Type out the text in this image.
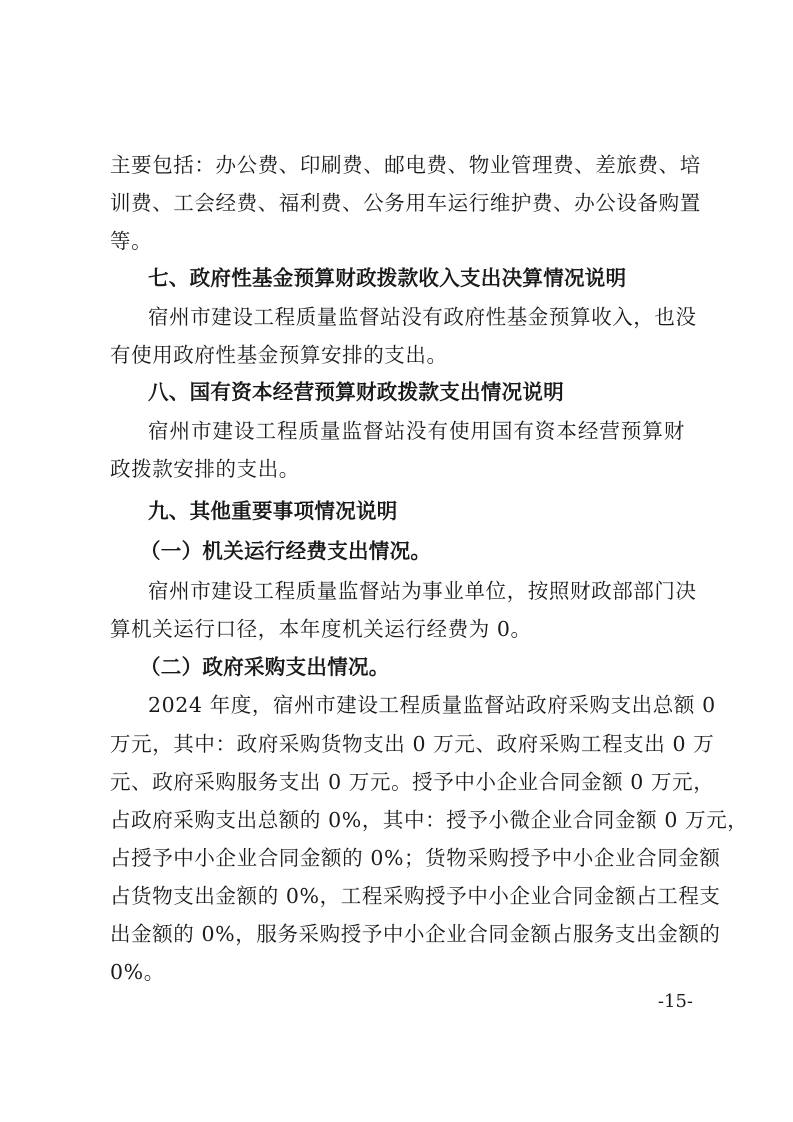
主要包括：办公费、印刷费、邮电费、物业管理费、差旅费、培
训费、工会经费、福利费、公务用车运行维护费、办公设备购置
等。
七、政府性基金预算财政拨款收入支出决算情况说明
宿州市建设工程质量监督站没有政府性基金预算收入，也没
有使用政府性基金预算安排的支出。
八、国有资本经营预算财政拨款支出情况说明
宿州市建设工程质量监督站没有使用国有资本经营预算财
政拨款安排的支出。
九、其他重要事项情况说明
（一）机关运行经费支出情况。
宿州市建设工程质量监督站为事业单位，按照财政部部门决
算机关运行口径，本年度机关运行经费为 0。
（二）政府采购支出情况。
2024 年度，宿州市建设工程质量监督站政府采购支出总额 0
万元，其中：政府采购货物支出 0 万元、政府采购工程支出 0 万
元、政府采购服务支出 0 万元。授予中小企业合同金额 0 万元，
占政府采购支出总额的 0%，其中：授予小微企业合同金额 0 万元，
占授予中小企业合同金额的 0%；货物采购授予中小企业合同金额
占货物支出金额的 0%，工程采购授予中小企业合同金额占工程支
出金额的 0%，服务采购授予中小企业合同金额占服务支出金额的
0%。
-15-
